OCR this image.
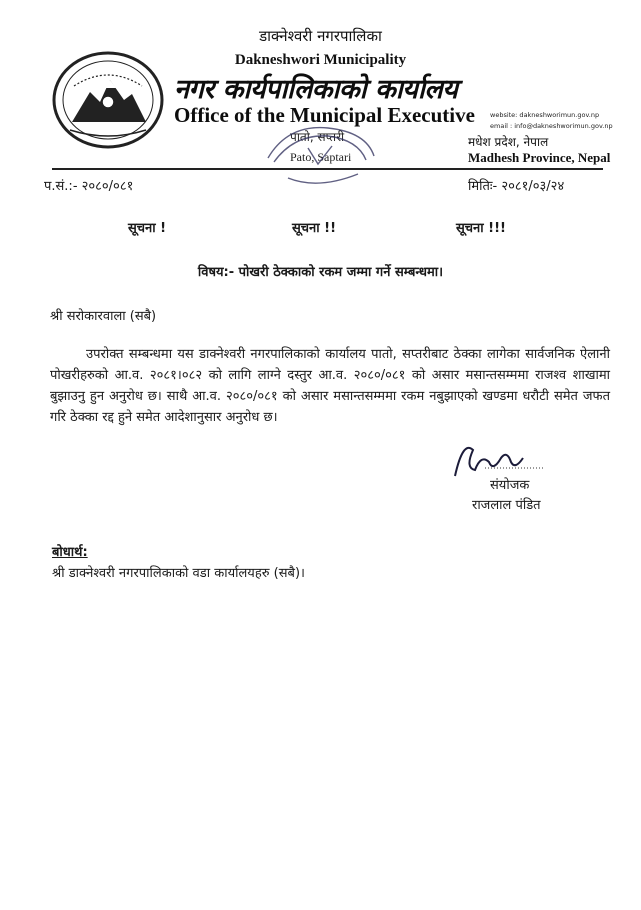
डाक्नेश्वरी नगरपालिका
Dakneshwori Municipality
नगर कार्यपालिकाको कार्यालय
Office of the Municipal Executive website: dakneshworimun.gov.np
email : info@dakneshworimun.gov.np
पातो, सप्तरी
Pato, Saptari
मधेश प्रदेश, नेपाल
Madhesh Province, Nepal
प.सं.:- २०८०/०८१	मितिः- २०८१/०३/२४
सूचना !	सूचना !!	सूचना !!!
विषय:- पोखरी ठेक्काको रकम जम्मा गर्ने सम्बन्धमा।
श्री सरोकारवाला (सबै)
उपरोक्त सम्बन्धमा यस डाक्नेश्वरी नगरपालिकाको कार्यालय पातो, सप्तरीबाट ठेक्का लागेका सार्वजनिक ऐलानी पोखरीहरुको आ.व. २०८१।०८२ को लागि लाग्ने दस्तुर आ.व. २०८०/०८१ को असार मसान्तसम्ममा राजश्व शाखामा बुझाउनु हुन अनुरोध छ। साथै आ.व. २०८०/०८१ को असार मसान्तसम्ममा रकम नबुझाएको खण्डमा धरौटी समेत जफत गरि ठेक्का रद्द हुने समेत आदेशानुसार अनुरोध छ।
संयोजक
राजलाल पंडित
बोधार्थ:
श्री डाक्नेश्वरी नगरपालिकाको वडा कार्यालयहरु (सबै)।
